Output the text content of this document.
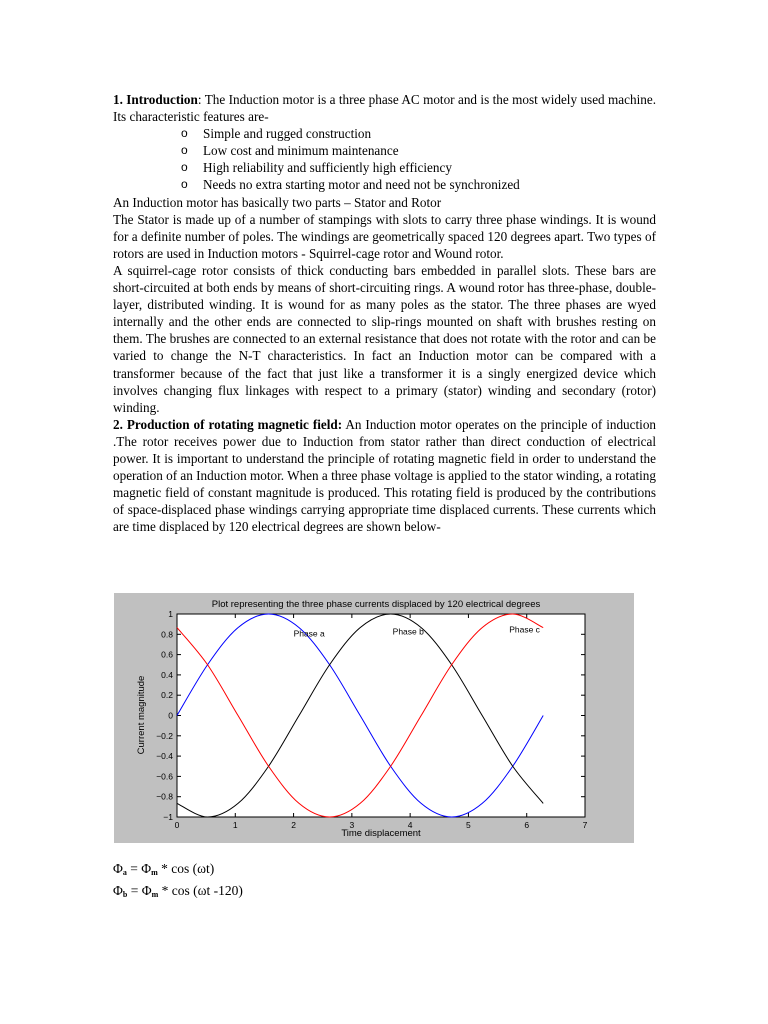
1. Introduction: The Induction motor is a three phase AC motor and is the most widely used machine. Its characteristic features are-

o Simple and rugged construction
o Low cost and minimum maintenance
o High reliability and sufficiently high efficiency
o Needs no extra starting motor and need not be synchronized

An Induction motor has basically two parts – Stator and Rotor

The Stator is made up of a number of stampings with slots to carry three phase windings. It is wound for a definite number of poles. The windings are geometrically spaced 120 degrees apart. Two types of rotors are used in Induction motors - Squirrel-cage rotor and Wound rotor.

A squirrel-cage rotor consists of thick conducting bars embedded in parallel slots. These bars are short-circuited at both ends by means of short-circuiting rings. A wound rotor has three-phase, double-layer, distributed winding. It is wound for as many poles as the stator. The three phases are wyed internally and the other ends are connected to slip-rings mounted on shaft with brushes resting on them. The brushes are connected to an external resistance that does not rotate with the rotor and can be varied to change the N-T characteristics. In fact an Induction motor can be compared with a transformer because of the fact that just like a transformer it is a singly energized device which involves changing flux linkages with respect to a primary (stator) winding and secondary (rotor) winding.

2. Production of rotating magnetic field: An Induction motor operates on the principle of induction .The rotor receives power due to Induction from stator rather than direct conduction of electrical power. It is important to understand the principle of rotating magnetic field in order to understand the operation of an Induction motor. When a three phase voltage is applied to the stator winding, a rotating magnetic field of constant magnitude is produced. This rotating field is produced by the contributions of space-displaced phase windings carrying appropriate time displaced currents. These currents which are time displaced by 120 electrical degrees are shown below-

Plot representing the three phase currents displaced by 120 electrical degrees
Time displacement
Current magnitude
0	1	2	3	4	5	6	7
1
0.8
0.6
0.4
0.2
0
−0.2
−0.4
−0.6
−0.8
−1
Phase a	Phase b	Phase c
$\Phi_a = \Phi_m * \cos (\omega t)$
$\Phi_b = \Phi_m * \cos (\omega t$ -120)
